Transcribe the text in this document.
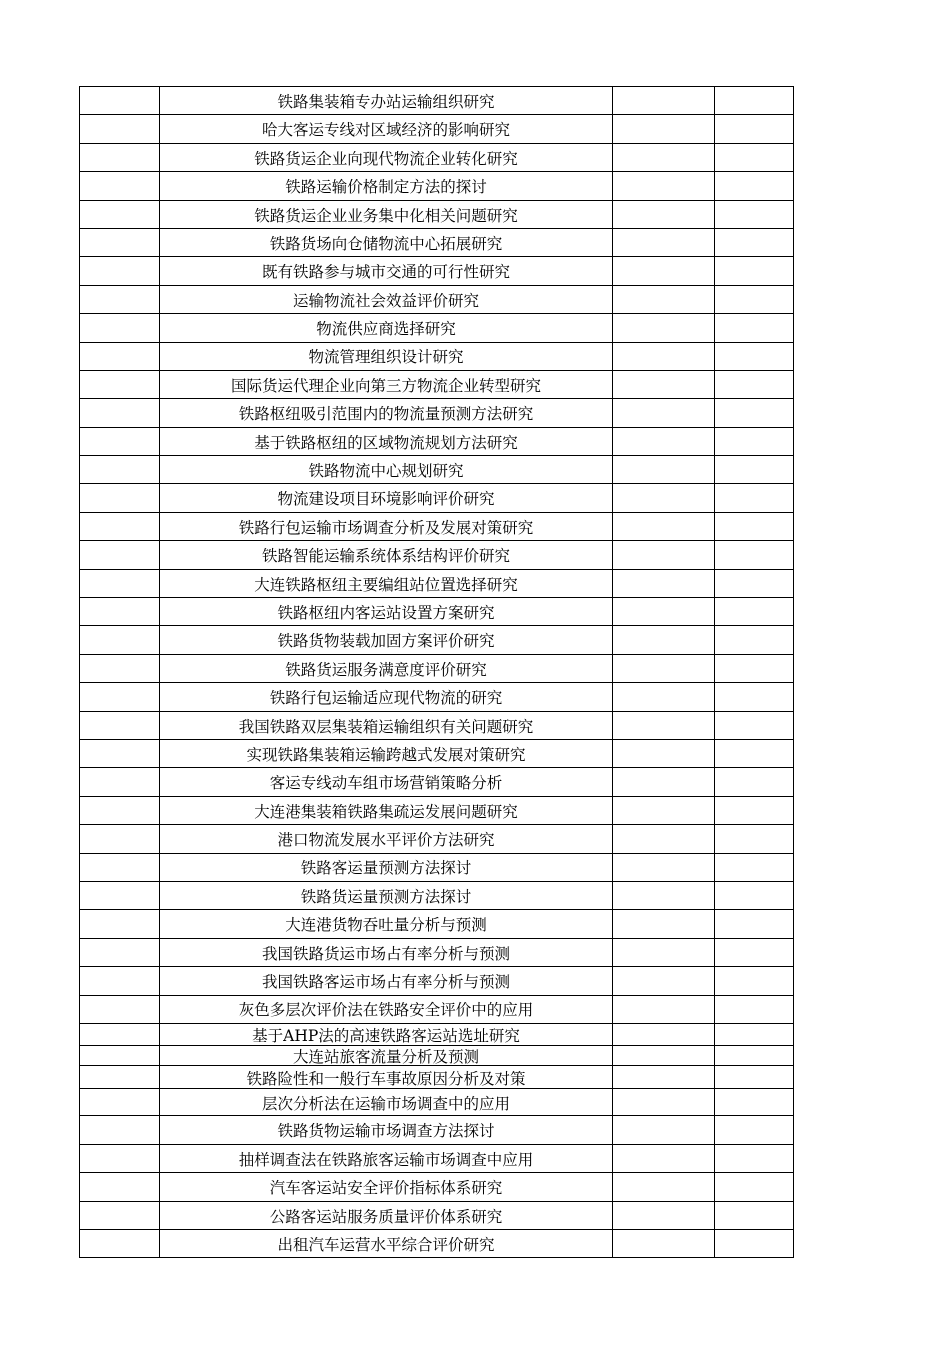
	铁路集装箱专办站运输组织研究		
	哈大客运专线对区域经济的影响研究		
	铁路货运企业向现代物流企业转化研究		
	铁路运输价格制定方法的探讨		
	铁路货运企业业务集中化相关问题研究		
	铁路货场向仓储物流中心拓展研究		
	既有铁路参与城市交通的可行性研究		
	运输物流社会效益评价研究		
	物流供应商选择研究		
	物流管理组织设计研究		
	国际货运代理企业向第三方物流企业转型研究		
	铁路枢纽吸引范围内的物流量预测方法研究		
	基于铁路枢纽的区域物流规划方法研究		
	铁路物流中心规划研究		
	物流建设项目环境影响评价研究		
	铁路行包运输市场调查分析及发展对策研究		
	铁路智能运输系统体系结构评价研究		
	大连铁路枢纽主要编组站位置选择研究		
	铁路枢纽内客运站设置方案研究		
	铁路货物装载加固方案评价研究		
	铁路货运服务满意度评价研究		
	铁路行包运输适应现代物流的研究		
	我国铁路双层集装箱运输组织有关问题研究		
	实现铁路集装箱运输跨越式发展对策研究		
	客运专线动车组市场营销策略分析		
	大连港集装箱铁路集疏运发展问题研究		
	港口物流发展水平评价方法研究		
	铁路客运量预测方法探讨		
	铁路货运量预测方法探讨		
	大连港货物吞吐量分析与预测		
	我国铁路货运市场占有率分析与预测		
	我国铁路客运市场占有率分析与预测		
	灰色多层次评价法在铁路安全评价中的应用		
	基于AHP法的高速铁路客运站选址研究		
	大连站旅客流量分析及预测		
	铁路险性和一般行车事故原因分析及对策		
	层次分析法在运输市场调查中的应用		
	铁路货物运输市场调查方法探讨		
	抽样调查法在铁路旅客运输市场调查中应用		
	汽车客运站安全评价指标体系研究		
	公路客运站服务质量评价体系研究		
	出租汽车运营水平综合评价研究		
